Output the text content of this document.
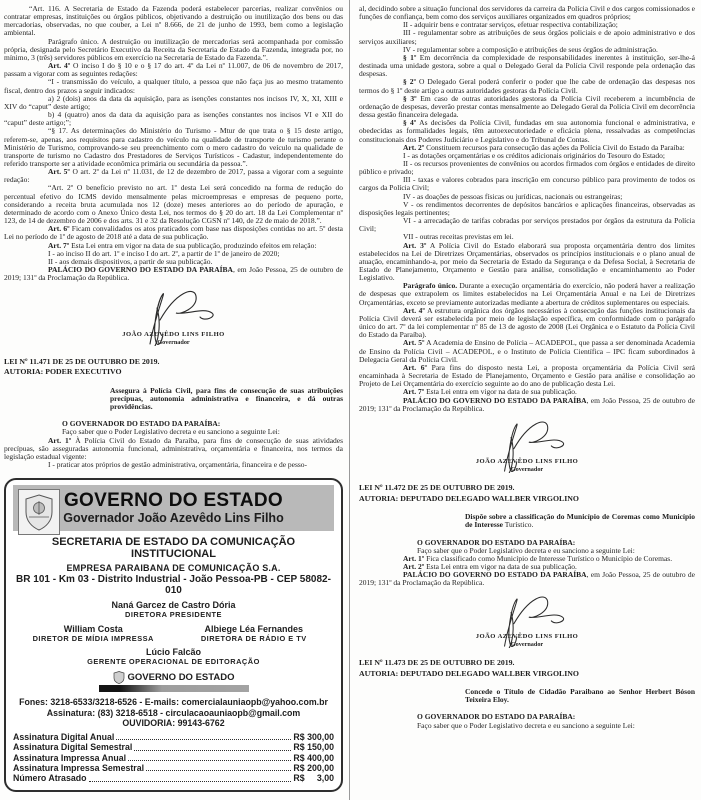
“Art. 116. A Secretaria de Estado da Fazenda poderá estabelecer parcerias, realizar convênios ou contratar empresas, instituições ou órgãos públicos, objetivando a destruição ou inutilização dos bens ou das mercadorias, observadas, no que couber, a Lei nº 8.666, de 21 de junho de 1993, bem como a legislação ambiental.

Parágrafo único. A destruição ou inutilização de mercadorias será acompanhada por comissão própria, designada pelo Secretário Executivo da Receita da Secretaria de Estado da Fazenda, integrada por, no mínimo, 3 (três) servidores públicos em exercício na Secretaria de Estado da Fazenda.”.

Art. 4º O inciso I do § 10 e o § 17 do art. 4º da Lei nº 11.007, de 06 de novembro de 2017, passam a vigorar com as seguintes redações:

“I - transmissão do veículo, a qualquer título, a pessoa que não faça jus ao mesmo tratamento fiscal, dentro dos prazos a seguir indicados:

a) 2 (dois) anos da data da aquisição, para as isenções constantes nos incisos IV, X, XI, XIII e XIV do “caput” deste artigo;

b) 4 (quatro) anos da data da aquisição para as isenções constantes nos incisos VI e XII do “caput” deste artigo;”;

“§ 17. As determinações do Ministério do Turismo - Mtur de que trata o § 15 deste artigo, referem-se, apenas, aos requisitos para cadastro do veículo na qualidade de transporte de turismo perante o Ministério de Turismo, comprovando-se seu preenchimento com o mero cadastro do veículo na qualidade de transporte de turismo no Cadastro dos Prestadores de Serviços Turísticos - Cadastur, independentemente do referido transporte ser a atividade econômica primária ou secundária da pessoa.”.

Art. 5º O art. 2º da Lei nº 11.031, de 12 de dezembro de 2017, passa a vigorar com a seguinte redação:

“Art. 2º O benefício previsto no art. 1º desta Lei será concedido na forma de redução do percentual efetivo do ICMS devido mensalmente pelas microempresas e empresas de pequeno porte, considerando a receita bruta acumulada nos 12 (doze) meses anteriores ao do período de apuração, e determinado de acordo com o Anexo Único desta Lei, nos termos do § 20 do art. 18 da Lei Complementar nº 123, de 14 de dezembro de 2006 e dos arts. 31 e 32 da Resolução CGSN nº 140, de 22 de maio de 2018.”.

Art. 6º Ficam convalidados os atos praticados com base nas disposições contidas no art. 5º desta Lei no período de 1º de agosto de 2018 até a data de sua publicação.

Art. 7º Esta Lei entra em vigor na data de sua publicação, produzindo efeitos em relação:

I - ao inciso II do art. 1º e inciso I do art. 2º, a partir de 1º de janeiro de 2020;

II - aos demais dispositivos, a partir de sua publicação.

PALÁCIO DO GOVERNO DO ESTADO DA PARAÍBA, em João Pessoa, 25 de outubro de 2019; 131º da Proclamação da República.

JOÃO AZEVÊDO LINS FILHO
Governador

LEI Nº 11.471 DE 25 DE OUTUBRO DE 2019.

AUTORIA: PODER EXECUTIVO

Assegura à Polícia Civil, para fins de consecução de suas atribuições precípuas, autonomia administrativa e financeira, e dá outras providências.

O GOVERNADOR DO ESTADO DA PARAÍBA:

Faço saber que o Poder Legislativo decreta e eu sanciono a seguinte Lei:

Art. 1º À Polícia Civil do Estado da Paraíba, para fins de consecução de suas atividades precípuas, são asseguradas autonomia funcional, administrativa, orçamentária e financeira, nos termos da legislação estadual vigente:

I - praticar atos próprios de gestão administrativa, orçamentária, financeira e de pesso-

GOVERNO DO ESTADO
Governador João Azevêdo Lins Filho
SECRETARIA DE ESTADO DA COMUNICAÇÃO INSTITUCIONAL
EMPRESA PARAIBANA DE COMUNICAÇÃO S.A.
BR 101 - Km 03 - Distrito Industrial - João Pessoa-PB - CEP 58082-010
Naná Garcez de Castro Dória
DIRETORA PRESIDENTE
William Costa
DIRETOR DE MÍDIA IMPRESSA
Albiege Léa Fernandes
DIRETORA DE RÁDIO E TV
Lúcio Falcão
GERENTE OPERACIONAL DE EDITORAÇÃO
GOVERNO DO ESTADO
Fones: 3218-6533/3218-6526 - E-mails: comercialauniaopb@yahoo.com.br
Assinatura: (83) 3218-6518 - circulacaoauniaopb@gmail.com
OUVIDORIA: 99143-6762
Assinatura Digital Anual	R$ 300,00
Assinatura Digital Semestral	R$ 150,00
Assinatura Impressa Anual	R$ 400,00
Assinatura Impressa Semestral	R$ 200,00
Número Atrasado	R$     3,00

al, decidindo sobre a situação funcional dos servidores da carreira da Polícia Civil e dos cargos comissionados e funções de confiança, bem como dos serviços auxiliares organizados em quadros próprios;

II - adquirir bens e contratar serviços, efetuar respectiva contabilização;

III - regulamentar sobre as atribuições de seus órgãos policiais e de apoio administrativo e dos serviços auxiliares;

IV - regulamentar sobre a composição e atribuições de seus órgãos de administração.

§ 1º Em decorrência da complexidade de responsabilidades inerentes à instituição, ser-lhe-á destinada uma unidade gestora, sobre a qual o Delegado Geral da Polícia Civil responde pela ordenação das despesas.

§ 2º O Delegado Geral poderá conferir o poder que lhe cabe de ordenação das despesas nos termos do § 1º deste artigo a outras autoridades gestoras da Polícia Civil.

§ 3º Em caso de outras autoridades gestoras da Polícia Civil receberem a incumbência de ordenação de despesas, deverão prestar contas mensalmente ao Delegado Geral da Polícia Civil em decorrência dessa gestão financeira delegada.

§ 4º As decisões da Polícia Civil, fundadas em sua autonomia funcional e administrativa, e obedecidas as formalidades legais, têm autoexecutoriedade e eficácia plena, ressalvadas as competências constitucionais dos Poderes Judiciário e Legislativo e do Tribunal de Contas.

Art. 2º Constituem recursos para consecução das ações da Polícia Civil do Estado da Paraíba:

I - as dotações orçamentárias e os créditos adicionais originários do Tesouro do Estado;

II - os recursos provenientes de convênios ou acordos firmados com órgãos e entidades de direito público e privado;

III - taxas e valores cobrados para inscrição em concurso público para provimento de todos os cargos da Polícia Civil;

IV - as doações de pessoas físicas ou jurídicas, nacionais ou estrangeiras;

V - os rendimentos decorrentes de depósitos bancários e aplicações financeiras, observadas as disposições legais pertinentes;

VI - a arrecadação de tarifas cobradas por serviços prestados por órgãos da estrutura da Polícia Civil;

VII - outras receitas previstas em lei.

Art. 3º A Polícia Civil do Estado elaborará sua proposta orçamentária dentro dos limites estabelecidos na Lei de Diretrizes Orçamentárias, observados os princípios institucionais e o plano anual de atuação, encaminhando-a, por meio da Secretaria de Estado da Segurança e da Defesa Social, à Secretaria de Estado de Planejamento, Orçamento e Gestão para análise, consolidação e encaminhamento ao Poder Legislativo.

Parágrafo único. Durante a execução orçamentária do exercício, não poderá haver a realização de despesas que extrapolem os limites estabelecidos na Lei Orçamentária Anual e na Lei de Diretrizes Orçamentárias, exceto se previamente autorizadas mediante a abertura de créditos suplementares ou especiais.

Art. 4º A estrutura orgânica dos órgãos necessários à consecução das funções institucionais da Polícia Civil deverá ser estabelecida por meio de legislação específica, em conformidade com o parágrafo único do art. 7º da lei complementar nº 85 de 13 de agosto de 2008 (Lei Orgânica e o Estatuto da Polícia Civil do Estado da Paraíba).

Art. 5º A Academia de Ensino de Polícia – ACADEPOL, que passa a ser denominada Academia de Ensino da Polícia Civil – ACADEPOL, e o Instituto de Polícia Científica – IPC ficam subordinados à Delegacia Geral da Polícia Civil.

Art. 6º Para fins do disposto nesta Lei, a proposta orçamentária da Polícia Civil será encaminhada à Secretaria de Estado de Planejamento, Orçamento e Gestão para análise e consolidação ao Projeto de Lei Orçamentária do exercício seguinte ao do ano de publicação desta Lei.

Art. 7º Esta Lei entra em vigor na data de sua publicação.

PALÁCIO DO GOVERNO DO ESTADO DA PARAÍBA, em João Pessoa, 25 de outubro de 2019; 131º da Proclamação da República.

JOÃO AZEVÊDO LINS FILHO
Governador

LEI Nº 11.472 DE 25 DE OUTUBRO DE 2019.

AUTORIA: DEPUTADO DELEGADO WALLBER VIRGOLINO

Dispõe sobre a classificação do Município de Coremas como Município de Interesse Turístico.

O GOVERNADOR DO ESTADO DA PARAÍBA:

Faço saber que o Poder Legislativo decreta e eu sanciono a seguinte Lei:

Art. 1º Fica classificado como Município de Interesse Turístico o Município de Coremas.

Art. 2º Esta Lei entra em vigor na data de sua publicação.

PALÁCIO DO GOVERNO DO ESTADO DA PARAÍBA, em João Pessoa, 25 de outubro de 2019; 131º da Proclamação da República.

JOÃO AZEVÊDO LINS FILHO
Governador

LEI Nº 11.473 DE 25 DE OUTUBRO DE 2019.

AUTORIA: DEPUTADO DELEGADO WALLBER VIRGOLINO

Concede o Título de Cidadão Paraibano ao Senhor Herbert Bóson Teixeira Eloy.

O GOVERNADOR DO ESTADO DA PARAÍBA:

Faço saber que o Poder Legislativo decreta e eu sanciono a seguinte Lei:
